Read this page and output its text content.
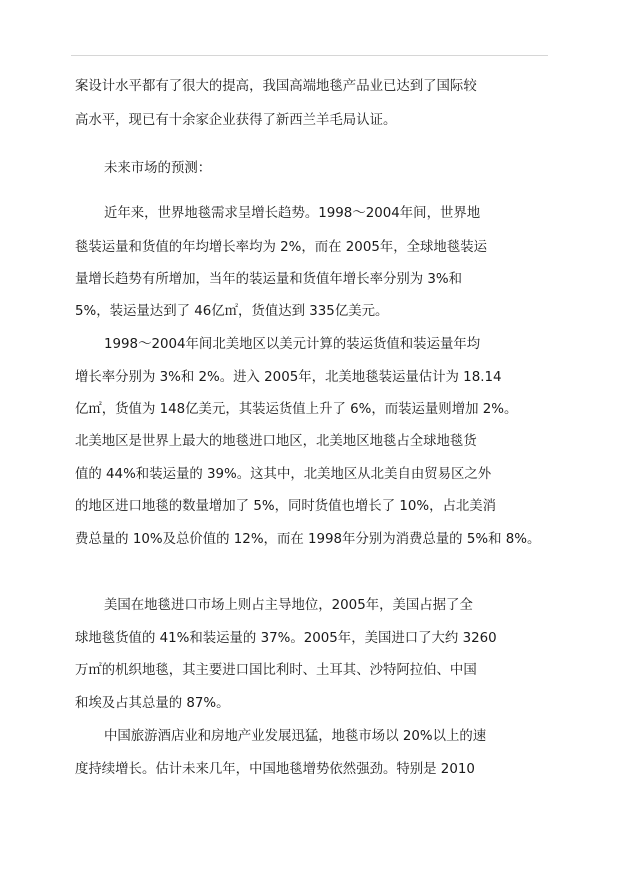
案设计水平都有了很大的提高，我国高端地毯产品业已达到了国际较
高水平，现已有十余家企业获得了新西兰羊毛局认证。
未来市场的预测：
近年来，世界地毯需求呈增长趋势。1998～2004年间，世界地
毯装运量和货值的年均增长率均为 2%，而在 2005年，全球地毯装运
量增长趋势有所增加，当年的装运量和货值年增长率分别为 3%和
5%，装运量达到了 46亿㎡，货值达到 335亿美元。
1998～2004年间北美地区以美元计算的装运货值和装运量年均
增长率分别为 3%和 2%。进入 2005年，北美地毯装运量估计为 18.14
亿㎡，货值为 148亿美元，其装运货值上升了 6%，而装运量则增加 2%。
北美地区是世界上最大的地毯进口地区，北美地区地毯占全球地毯货
值的 44%和装运量的 39%。这其中，北美地区从北美自由贸易区之外
的地区进口地毯的数量增加了 5%，同时货值也增长了 10%，占北美消
费总量的 10%及总价值的 12%，而在 1998年分别为消费总量的 5%和 8%。
美国在地毯进口市场上则占主导地位，2005年，美国占据了全
球地毯货值的 41%和装运量的 37%。2005年，美国进口了大约 3260
万㎡的机织地毯，其主要进口国比利时、土耳其、沙特阿拉伯、中国
和埃及占其总量的 87%。
中国旅游酒店业和房地产业发展迅猛，地毯市场以 20%以上的速
度持续增长。估计未来几年，中国地毯增势依然强劲。特别是 2010
